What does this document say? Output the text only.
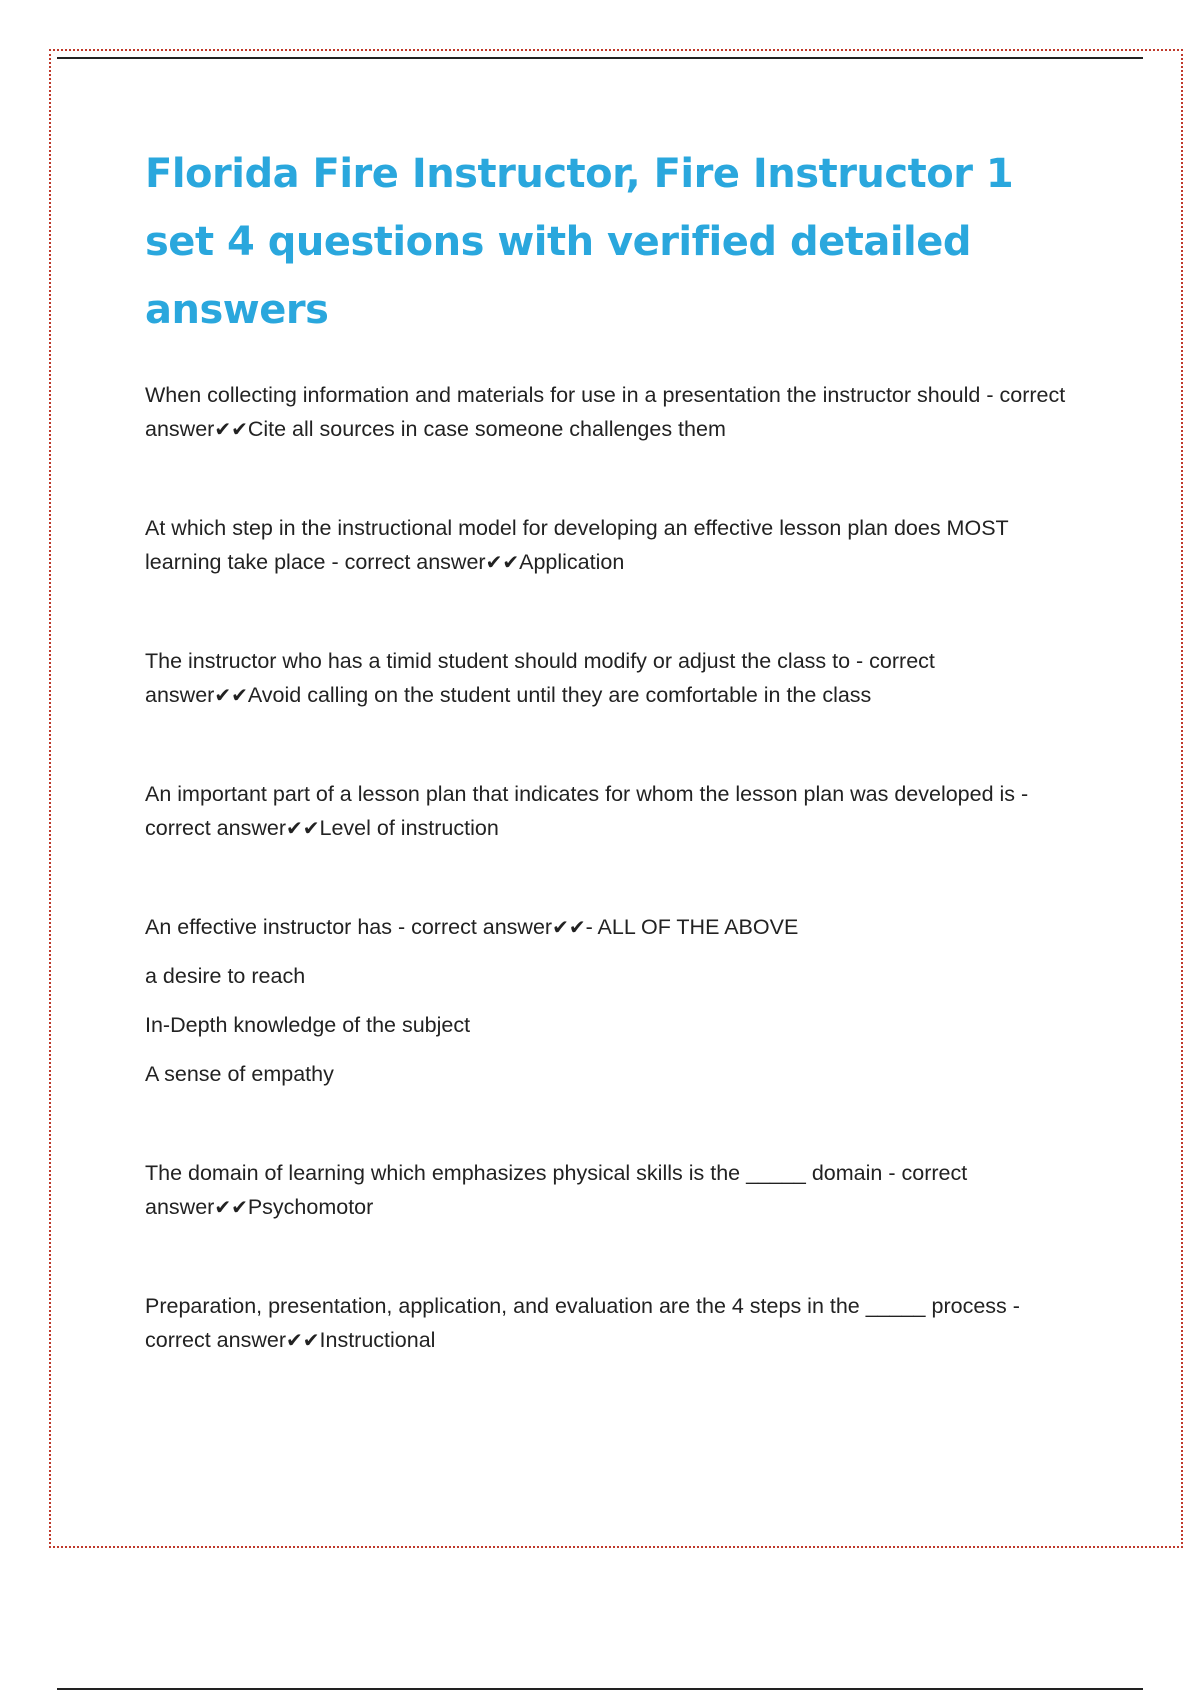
Florida Fire Instructor, Fire Instructor 1 set 4 questions with verified detailed answers

When collecting information and materials for use in a presentation the instructor should - correct answer✔✔Cite all sources in case someone challenges them

At which step in the instructional model for developing an effective lesson plan does MOST learning take place - correct answer✔✔Application

The instructor who has a timid student should modify or adjust the class to - correct answer✔✔Avoid calling on the student until they are comfortable in the class

An important part of a lesson plan that indicates for whom the lesson plan was developed is - correct answer✔✔Level of instruction

An effective instructor has - correct answer✔✔- ALL OF THE ABOVE

a desire to reach

In-Depth knowledge of the subject

A sense of empathy

The domain of learning which emphasizes physical skills is the _____ domain - correct answer✔✔Psychomotor

Preparation, presentation, application, and evaluation are the 4 steps in the _____ process - correct answer✔✔Instructional
